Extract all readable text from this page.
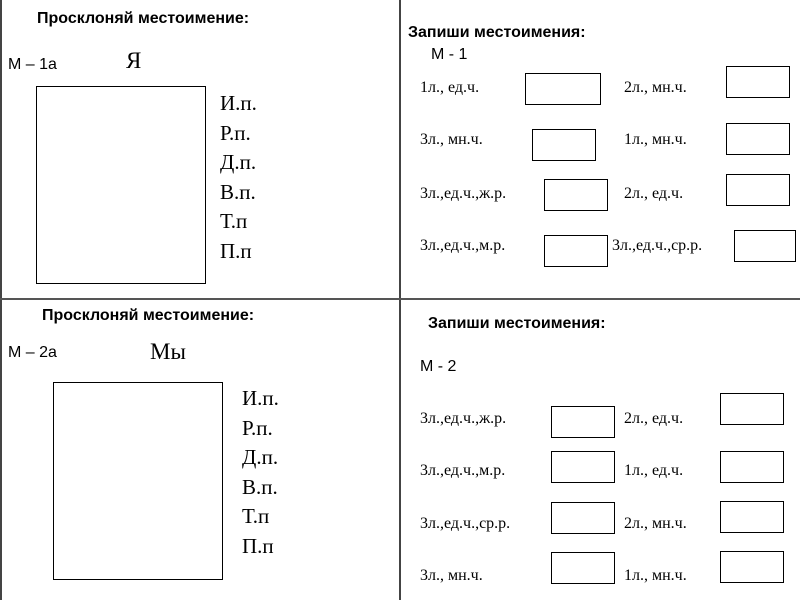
Просклоняй местоимение:
М – 1а	Я
И.п.
Р.п.
Д.п.
В.п.
Т.п
П.п
Запиши местоимения:
М - 1
1л., ед.ч.	2л., мн.ч.
3л., мн.ч.	1л., мн.ч.
3л.,ед.ч.,ж.р.	2л., ед.ч.
3л.,ед.ч.,м.р.	3л.,ед.ч.,ср.р.
Просклоняй местоимение:
М – 2а	Мы
И.п.
Р.п.
Д.п.
В.п.
Т.п
П.п
Запиши местоимения:
М - 2
3л.,ед.ч.,ж.р.	2л., ед.ч.
3л.,ед.ч.,м.р.	1л., ед.ч.
3л.,ед.ч.,ср.р.	2л., мн.ч.
3л., мн.ч.	1л., мн.ч.
